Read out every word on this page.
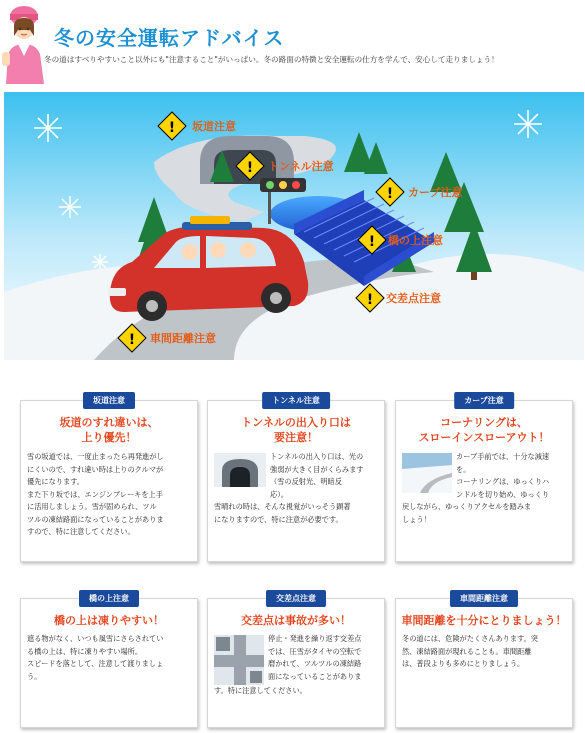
冬の安全運転アドバイス
冬の道はすべりやすいこと以外にも"注意すること"がいっぱい。冬の路面の特徴と安全運転の仕方を学んで、安心して走りましょう！
! 坂道注意
! トンネル注意
! カーブ注意
! 橋の上注意
! 交差点注意
! 車間距離注意
坂道注意
坂道のすれ違いは、
上り優先！
雪の坂道では、一度止まったら再発進がし
にくいので、すれ違い時は上りのクルマが
優先になります。
また下り坂では、エンジンブレーキを上手
に活用しましょう。雪が固められ、ツル
ツルの凍結路面になっていることがありま
すので、特に注意してください。
トンネル注意
トンネルの出入り口は
要注意！
トンネルの出入り口は、光の
強弱が大きく目がくらみます
（雪の反射光、明暗反
応）。
雪晴れの時は、そんな視覚がいっそう顕著
になりますので、特に注意が必要です。
カーブ注意
コーナリングは、
スローインスローアウト！
カーブ手前では、十分な減速
を。
コーナリングは、ゆっくりハ
ンドルを切り始め、ゆっくり
戻しながら、ゆっくりアクセルを踏みま
しょう！
橋の上注意
橋の上は凍りやすい！
遮る物がなく、いつも風雪にさらされてい
る橋の上は、特に凍りやすい場所。
スピードを落として、注意して渡りましょ
う。
交差点注意
交差点は事故が多い！
停止・発進を繰り返す交差点
では、圧雪がタイヤの空転で
磨かれて、ツルツルの凍結路
面になっていることがありま
す。特に注意してください。
車間距離注意
車間距離を十分にとりましょう！
冬の道には、危険がたくさんあります。突
然、凍結路面が現れることも。車間距離
は、普段よりも多めにとりましょう。
